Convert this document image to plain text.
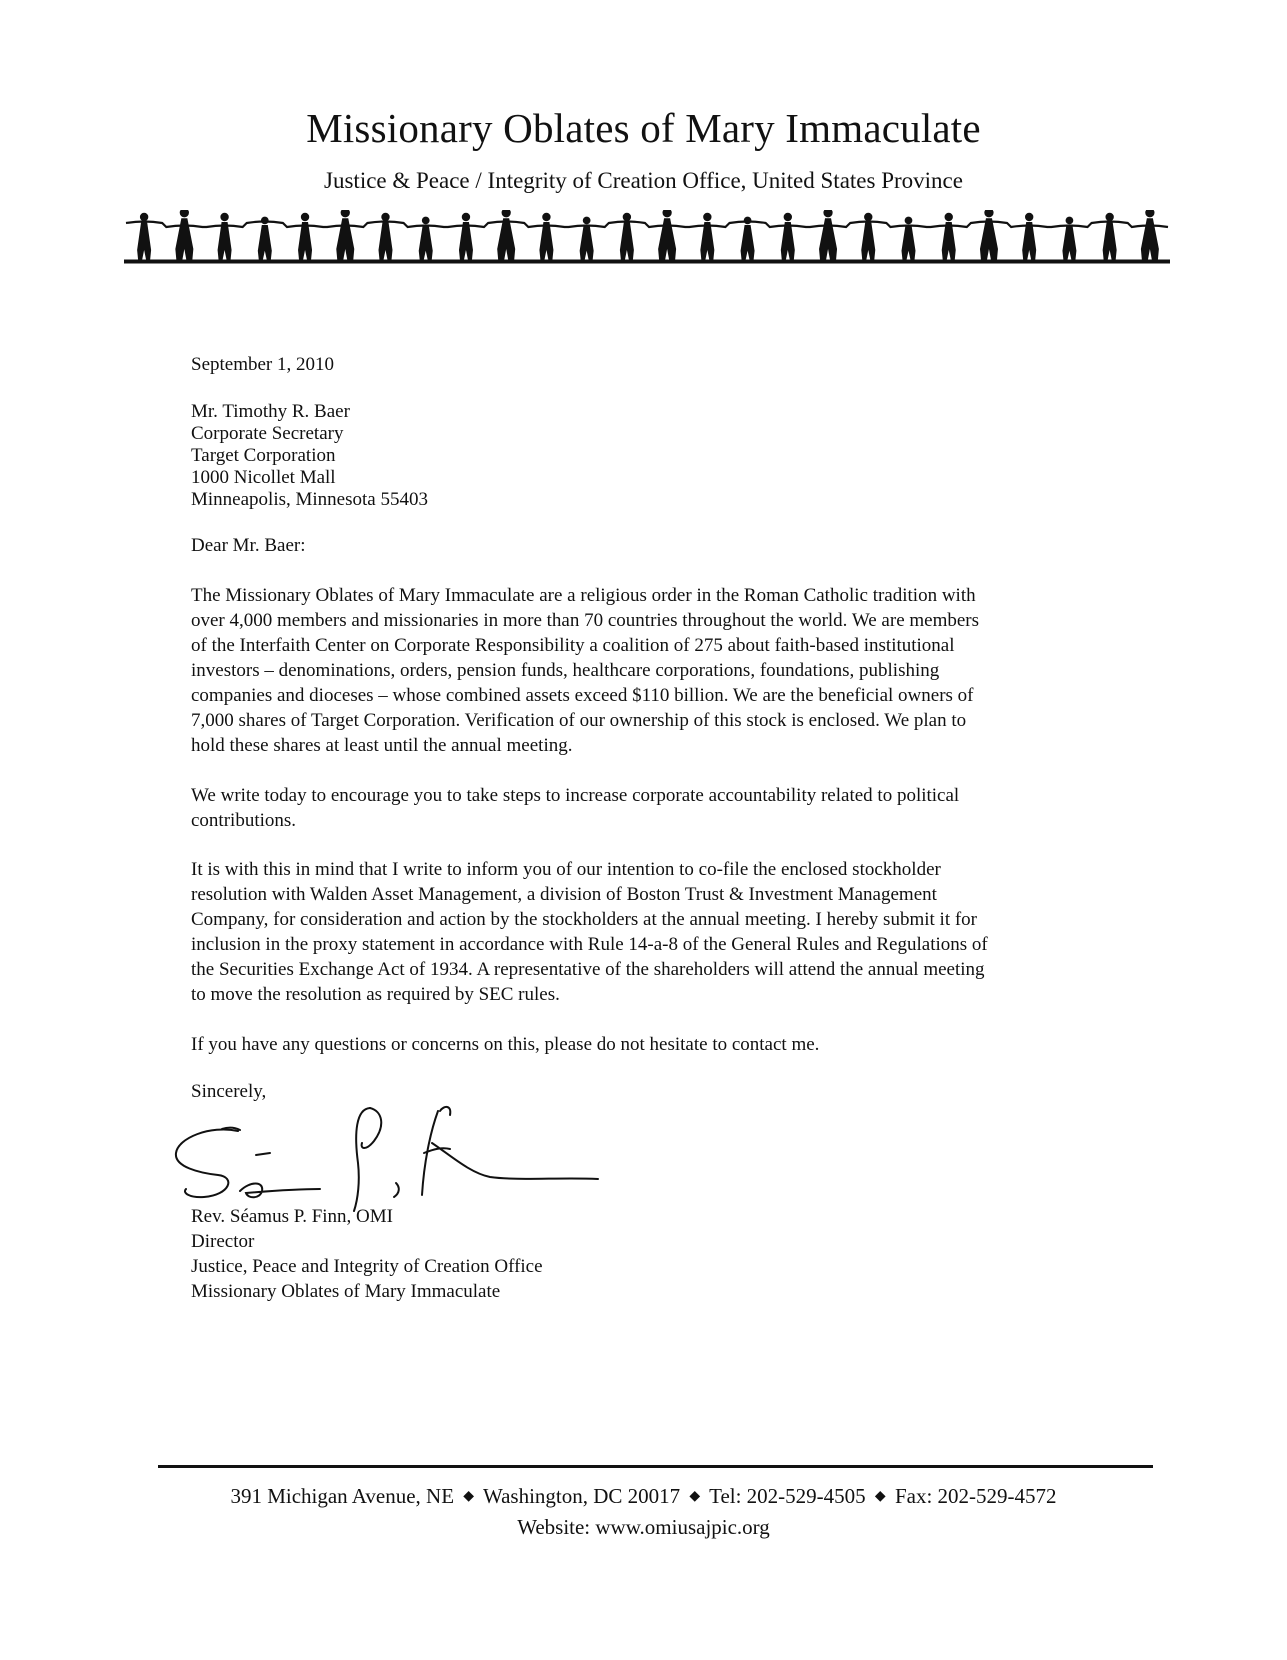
Missionary Oblates of Mary Immaculate
Justice & Peace / Integrity of Creation Office, United States Province
September 1, 2010
Mr. Timothy R. Baer
Corporate Secretary
Target Corporation
1000 Nicollet Mall
Minneapolis, Minnesota 55403
Dear Mr. Baer:
The Missionary Oblates of Mary Immaculate are a religious order in the Roman Catholic tradition with
over 4,000 members and missionaries in more than 70 countries throughout the world. We are members
of the Interfaith Center on Corporate Responsibility a coalition of 275 about faith-based institutional
investors – denominations, orders, pension funds, healthcare corporations, foundations, publishing
companies and dioceses – whose combined assets exceed $110 billion. We are the beneficial owners of
7,000 shares of Target Corporation. Verification of our ownership of this stock is enclosed. We plan to
hold these shares at least until the annual meeting.
We write today to encourage you to take steps to increase corporate accountability related to political
contributions.
It is with this in mind that I write to inform you of our intention to co-file the enclosed stockholder
resolution with Walden Asset Management, a division of Boston Trust & Investment Management
Company, for consideration and action by the stockholders at the annual meeting. I hereby submit it for
inclusion in the proxy statement in accordance with Rule 14-a-8 of the General Rules and Regulations of
the Securities Exchange Act of 1934. A representative of the shareholders will attend the annual meeting
to move the resolution as required by SEC rules.
If you have any questions or concerns on this, please do not hesitate to contact me.
Sincerely,
Rev. Séamus P. Finn, OMI
Director
Justice, Peace and Integrity of Creation Office
Missionary Oblates of Mary Immaculate
391 Michigan Avenue, NE ◆ Washington, DC 20017 ◆ Tel: 202-529-4505 ◆ Fax: 202-529-4572
Website: www.omiusajpic.org
